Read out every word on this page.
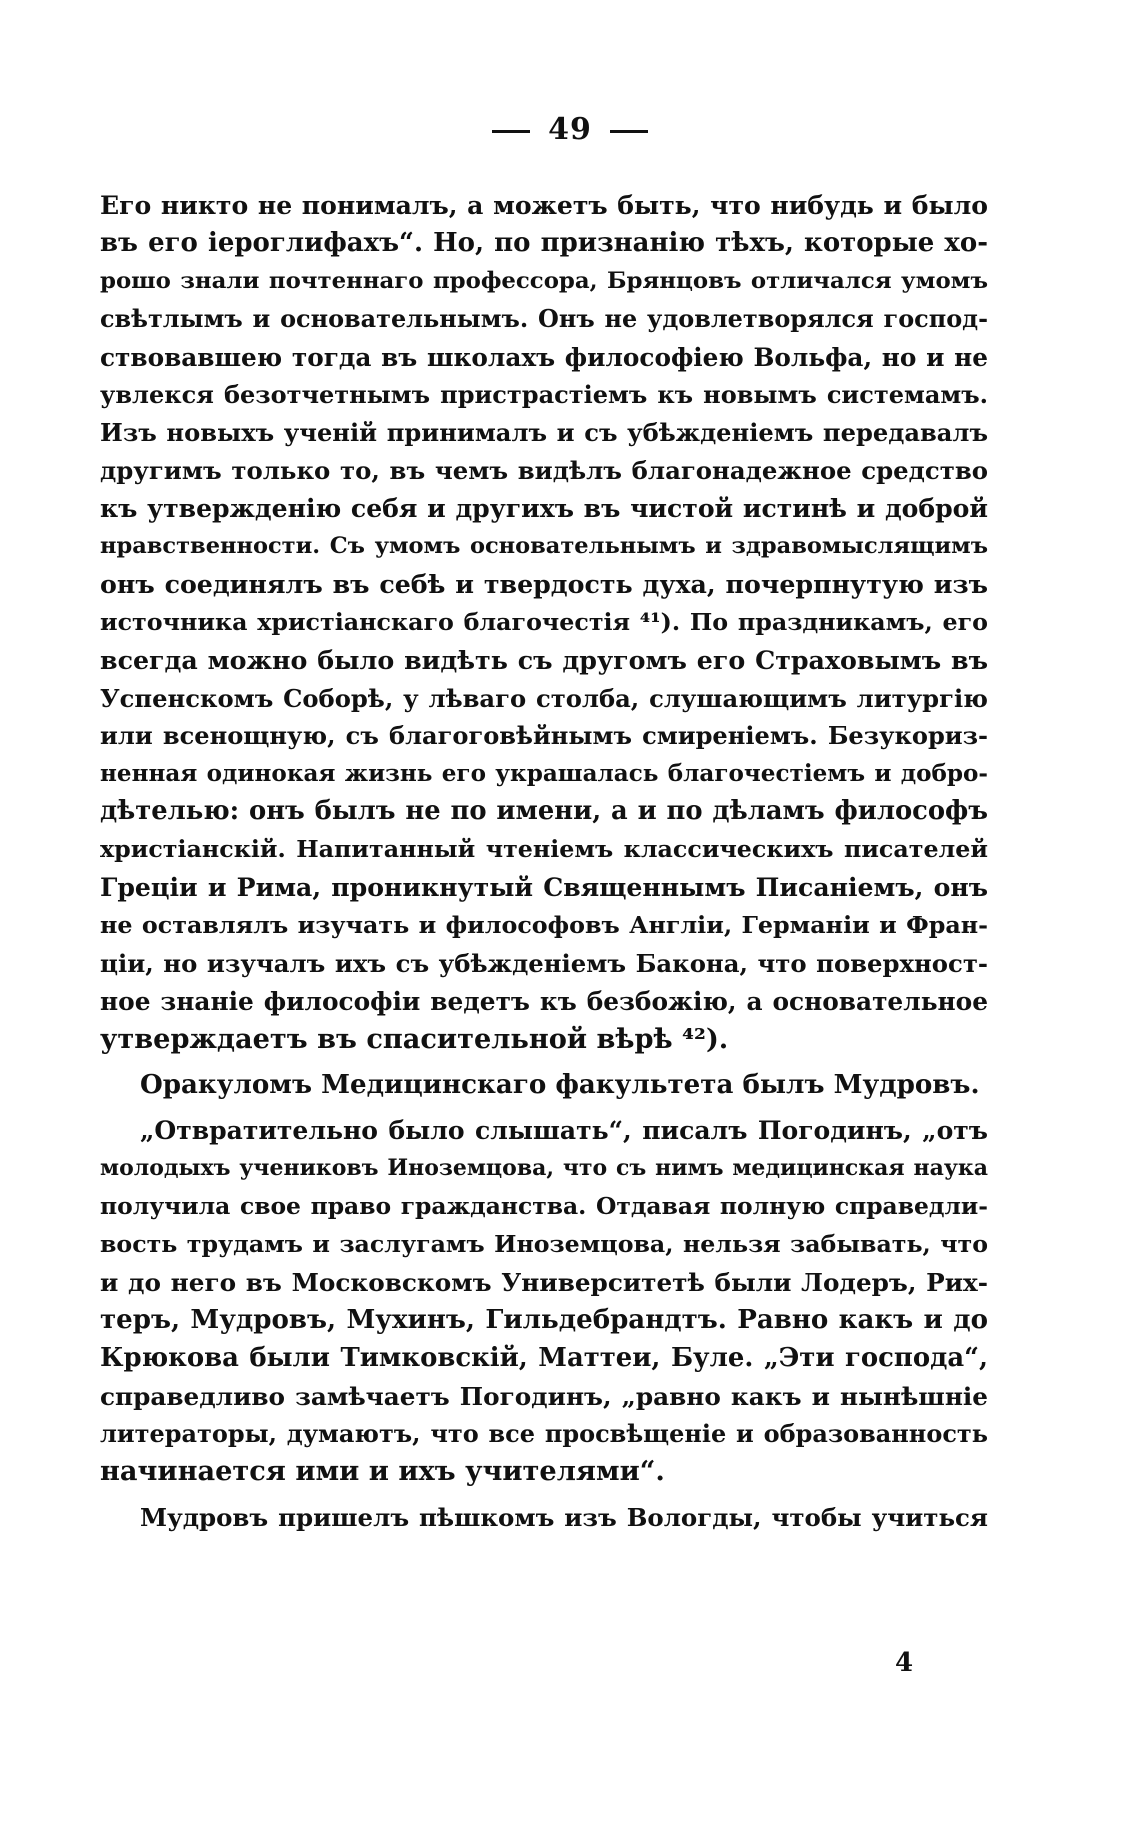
49
Его никто не понималъ, а можетъ быть, что нибудь и было
въ его іероглифахъ“. Но, по признанію тѣхъ, которые хо-
рошо знали почтеннаго профессора, Брянцовъ отличался умомъ
свѣтлымъ и основательнымъ. Онъ не удовлетворялся господ-
ствовавшею тогда въ школахъ философіею Вольфа, но и не
увлекся безотчетнымъ пристрастіемъ къ новымъ системамъ.
Изъ новыхъ ученій принималъ и съ убѣжденіемъ передавалъ
другимъ только то, въ чемъ видѣлъ благонадежное средство
къ утвержденію себя и другихъ въ чистой истинѣ и доброй
нравственности. Съ умомъ основательнымъ и здравомыслящимъ
онъ соединялъ въ себѣ и твердость духа, почерпнутую изъ
источника христіанскаго благочестія ⁴¹). По праздникамъ, его
всегда можно было видѣть съ другомъ его Страховымъ въ
Успенскомъ Соборѣ, у лѣваго столба, слушающимъ литургію
или всенощную, съ благоговѣйнымъ смиреніемъ. Безукориз-
ненная одинокая жизнь его украшалась благочестіемъ и добро-
дѣтелью: онъ былъ не по имени, а и по дѣламъ философъ
христіанскій. Напитанный чтеніемъ классическихъ писателей
Греціи и Рима, проникнутый Священнымъ Писаніемъ, онъ
не оставлялъ изучать и философовъ Англіи, Германіи и Фран-
ціи, но изучалъ ихъ съ убѣжденіемъ Бакона, что поверхност-
ное знаніе философіи ведетъ къ безбожію, а основательное
утверждаетъ въ спасительной вѣрѣ ⁴²).
Оракуломъ Медицинскаго факультета былъ Мудровъ.
„Отвратительно было слышать“, писалъ Погодинъ, „отъ
молодыхъ учениковъ Иноземцова, что съ нимъ медицинская наука
получила свое право гражданства. Отдавая полную справедли-
вость трудамъ и заслугамъ Иноземцова, нельзя забывать, что
и до него въ Московскомъ Университетѣ были Лодеръ, Рих-
теръ, Мудровъ, Мухинъ, Гильдебрандтъ. Равно какъ и до
Крюкова были Тимковскій, Маттеи, Буле. „Эти господа“,
справедливо замѣчаетъ Погодинъ, „равно какъ и нынѣшніе
литераторы, думаютъ, что все просвѣщеніе и образованность
начинается ими и ихъ учителями“.
Мудровъ пришелъ пѣшкомъ изъ Вологды, чтобы учиться
4
